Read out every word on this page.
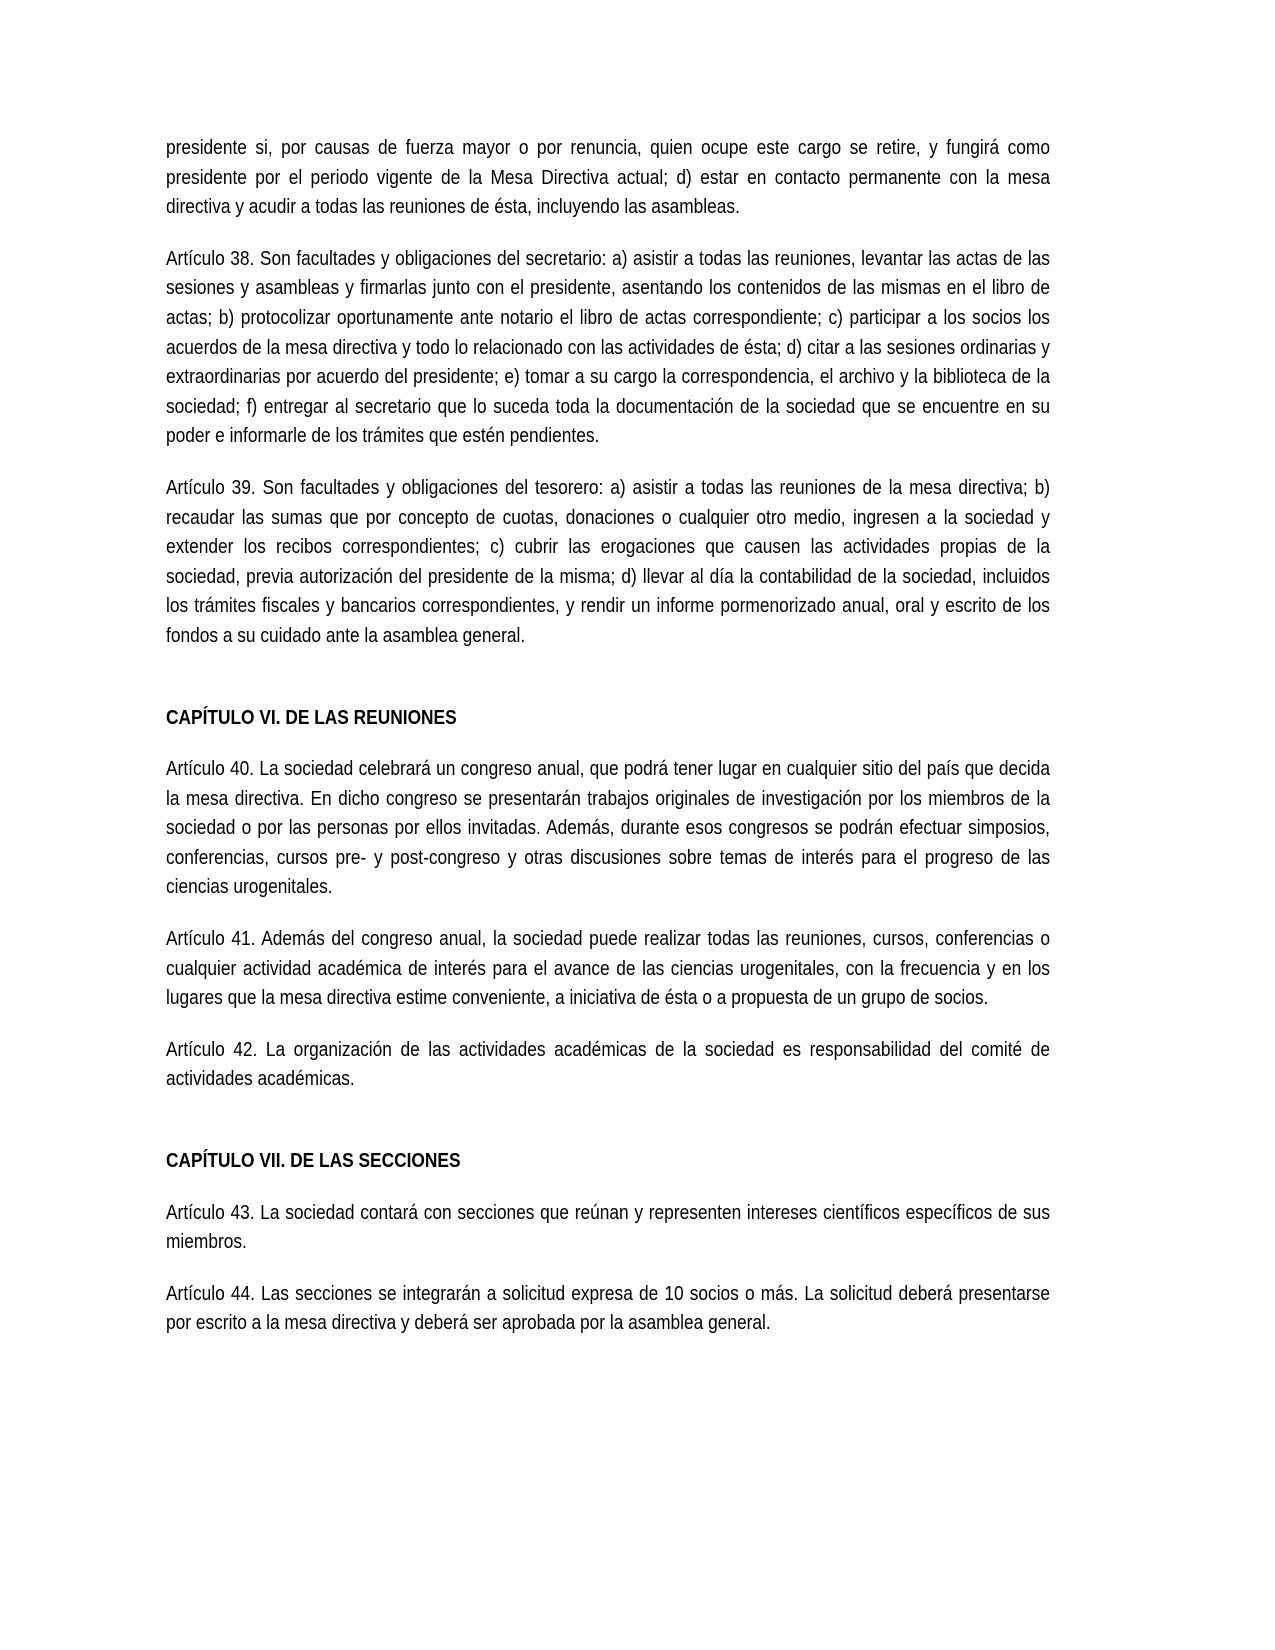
presidente si, por causas de fuerza mayor o por renuncia, quien ocupe este cargo se retire, y fungirá como presidente por el periodo vigente de la Mesa Directiva actual; d) estar en contacto permanente con la mesa directiva y acudir a todas las reuniones de ésta, incluyendo las asambleas.

Artículo 38. Son facultades y obligaciones del secretario: a) asistir a todas las reuniones, levantar las actas de las sesiones y asambleas y firmarlas junto con el presidente, asentando los contenidos de las mismas en el libro de actas; b) protocolizar oportunamente ante notario el libro de actas correspondiente; c) participar a los socios los acuerdos de la mesa directiva y todo lo relacionado con las actividades de ésta; d) citar a las sesiones ordinarias y extraordinarias por acuerdo del presidente; e) tomar a su cargo la correspondencia, el archivo y la biblioteca de la sociedad; f) entregar al secretario que lo suceda toda la documentación de la sociedad que se encuentre en su poder e informarle de los trámites que estén pendientes.

Artículo 39. Son facultades y obligaciones del tesorero: a) asistir a todas las reuniones de la mesa directiva; b) recaudar las sumas que por concepto de cuotas, donaciones o cualquier otro medio, ingresen a la sociedad y extender los recibos correspondientes; c) cubrir las erogaciones que causen las actividades propias de la sociedad, previa autorización del presidente de la misma; d) llevar al día la contabilidad de la sociedad, incluidos los trámites fiscales y bancarios correspondientes, y rendir un informe pormenorizado anual, oral y escrito de los fondos a su cuidado ante la asamblea general.

CAPÍTULO VI. DE LAS REUNIONES

Artículo 40. La sociedad celebrará un congreso anual, que podrá tener lugar en cualquier sitio del país que decida la mesa directiva. En dicho congreso se presentarán trabajos originales de investigación por los miembros de la sociedad o por las personas por ellos invitadas. Además, durante esos congresos se podrán efectuar simposios, conferencias, cursos pre- y post-congreso y otras discusiones sobre temas de interés para el progreso de las ciencias urogenitales.

Artículo 41. Además del congreso anual, la sociedad puede realizar todas las reuniones, cursos, conferencias o cualquier actividad académica de interés para el avance de las ciencias urogenitales, con la frecuencia y en los lugares que la mesa directiva estime conveniente, a iniciativa de ésta o a propuesta de un grupo de socios.

Artículo 42. La organización de las actividades académicas de la sociedad es responsabilidad del comité de actividades académicas.

CAPÍTULO VII. DE LAS SECCIONES

Artículo 43. La sociedad contará con secciones que reúnan y representen intereses científicos específicos de sus miembros.

Artículo 44. Las secciones se integrarán a solicitud expresa de 10 socios o más. La solicitud deberá presentarse por escrito a la mesa directiva y deberá ser aprobada por la asamblea general.
